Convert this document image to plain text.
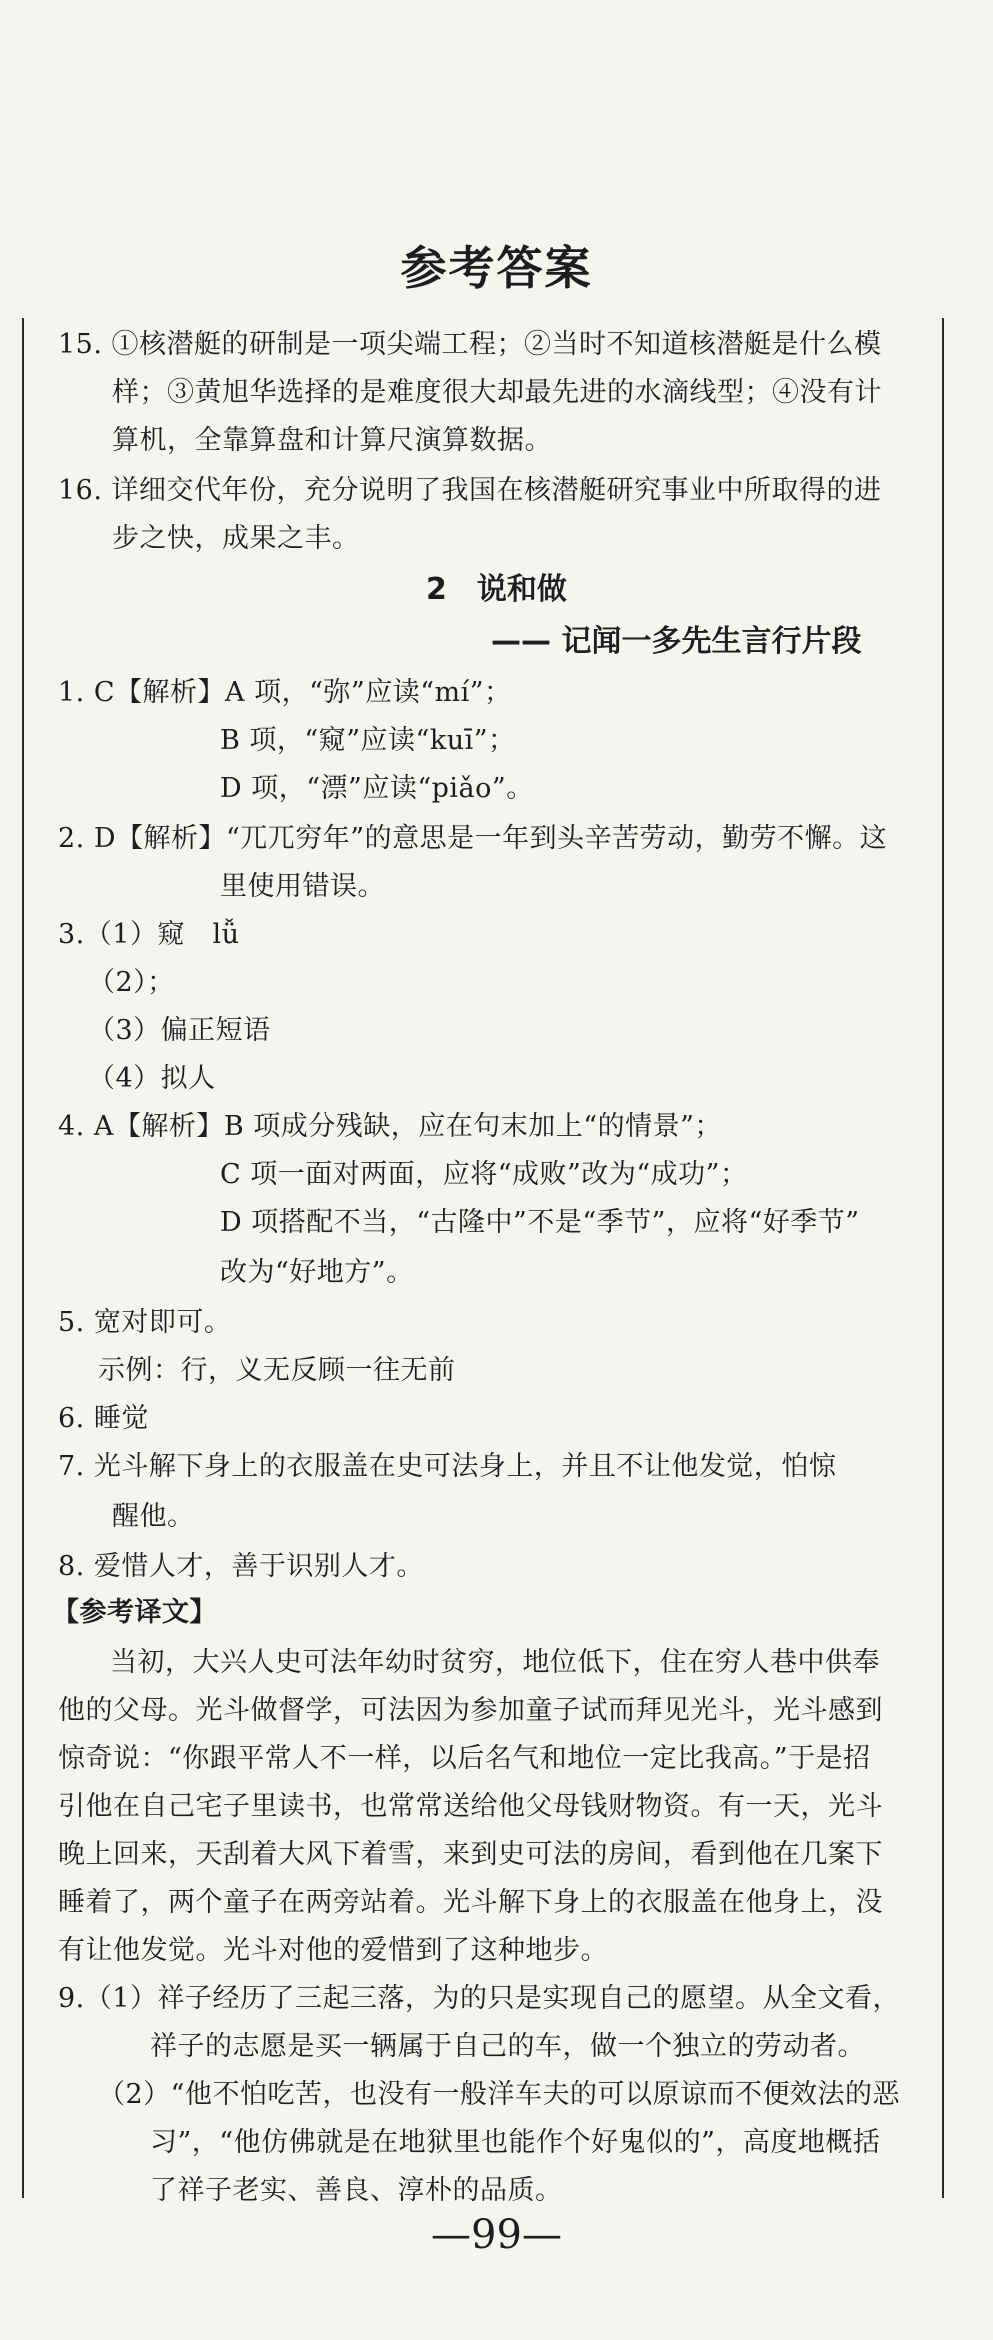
参考答案
15. ①核潜艇的研制是一项尖端工程；②当时不知道核潜艇是什么模
样；③黄旭华选择的是难度很大却最先进的水滴线型；④没有计
算机，全靠算盘和计算尺演算数据。
16. 详细交代年份，充分说明了我国在核潜艇研究事业中所取得的进
步之快，成果之丰。
2　说和做
—— 记闻一多先生言行片段
1. C【解析】A 项，“弥”应读“mí”；
B 项，“窥”应读“kuī”；
D 项，“漂”应读“piǎo”。
2. D【解析】“兀兀穷年”的意思是一年到头辛苦劳动，勤劳不懈。这
里使用错误。
3.（1）窥　lǚ
（2）；
（3）偏正短语
（4）拟人
4. A【解析】B 项成分残缺，应在句末加上“的情景”；
C 项一面对两面，应将“成败”改为“成功”；
D 项搭配不当，“古隆中”不是“季节”，应将“好季节”
改为“好地方”。
5. 宽对即可。
示例：行，义无反顾一往无前
6. 睡觉
7. 光斗解下身上的衣服盖在史可法身上，并且不让他发觉，怕惊
醒他。
8. 爱惜人才，善于识别人才。
【参考译文】
当初，大兴人史可法年幼时贫穷，地位低下，住在穷人巷中供奉
他的父母。光斗做督学，可法因为参加童子试而拜见光斗，光斗感到
惊奇说：“你跟平常人不一样，以后名气和地位一定比我高。”于是招
引他在自己宅子里读书，也常常送给他父母钱财物资。有一天，光斗
晚上回来，天刮着大风下着雪，来到史可法的房间，看到他在几案下
睡着了，两个童子在两旁站着。光斗解下身上的衣服盖在他身上，没
有让他发觉。光斗对他的爱惜到了这种地步。
9.（1）祥子经历了三起三落，为的只是实现自己的愿望。从全文看，
祥子的志愿是买一辆属于自己的车，做一个独立的劳动者。
（2）“他不怕吃苦，也没有一般洋车夫的可以原谅而不便效法的恶
习”，“他仿佛就是在地狱里也能作个好鬼似的”，高度地概括
了祥子老实、善良、淳朴的品质。
—99—
